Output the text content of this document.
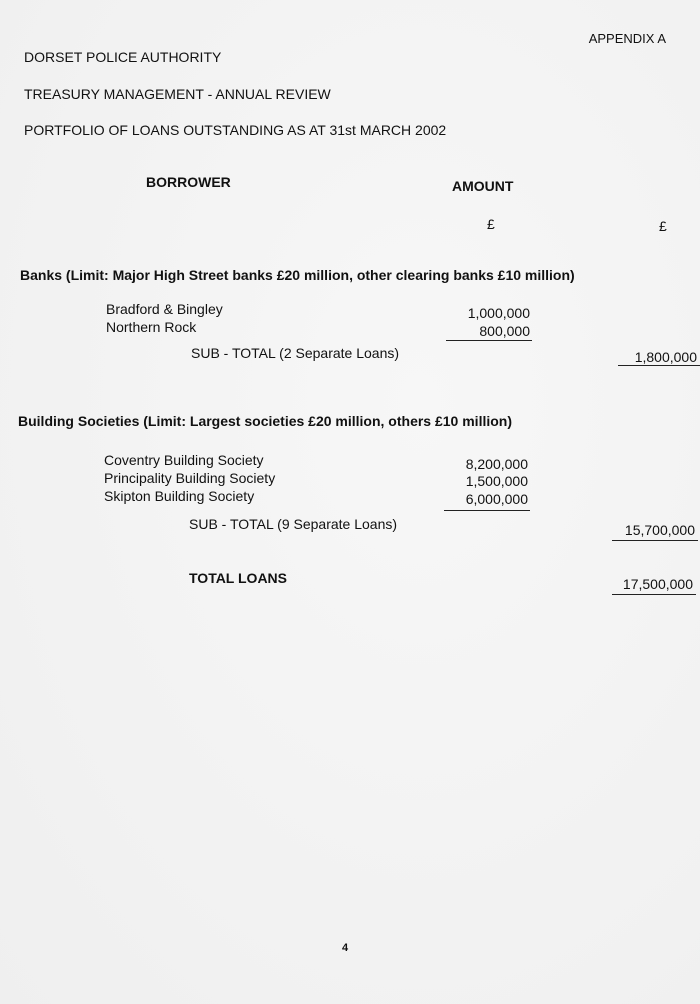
APPENDIX A
DORSET POLICE AUTHORITY
TREASURY MANAGEMENT - ANNUAL REVIEW
PORTFOLIO OF LOANS OUTSTANDING AS AT 31st MARCH 2002
BORROWER	AMOUNT
£	£
Banks (Limit: Major High Street banks £20 million, other clearing banks £10 million)
Bradford & Bingley	1,000,000
Northern Rock	800,000
SUB - TOTAL (2 Separate Loans)	1,800,000
Building Societies (Limit: Largest societies £20 million, others £10 million)
Coventry Building Society	8,200,000
Principality Building Society	1,500,000
Skipton Building Society	6,000,000
SUB - TOTAL (9 Separate Loans)	15,700,000
TOTAL LOANS	17,500,000
4
